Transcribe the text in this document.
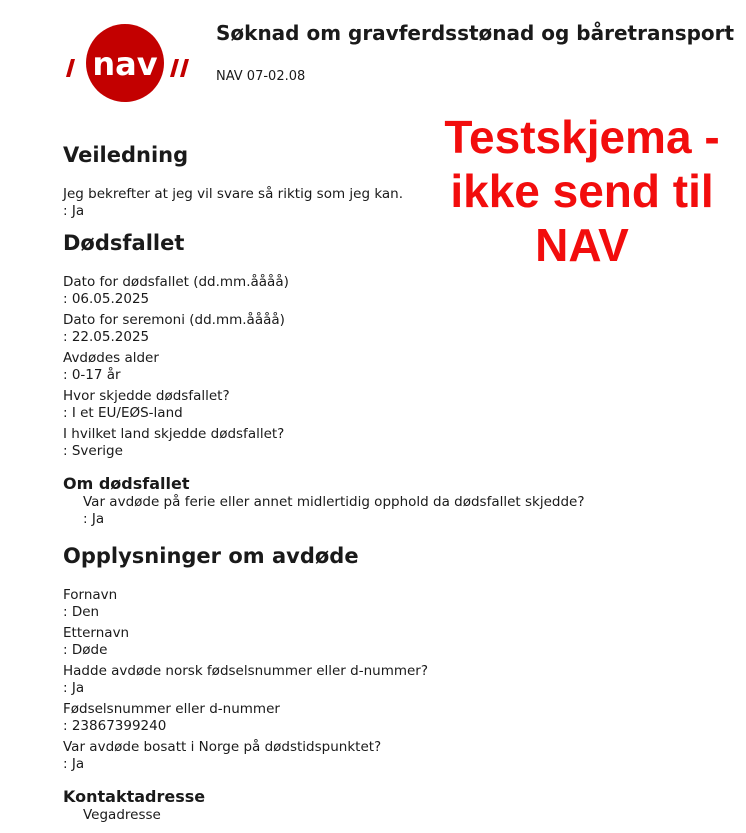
nav
Søknad om gravferdsstønad og båretransport
NAV 07-02.08
Veiledning
Jeg bekrefter at jeg vil svare så riktig som jeg kan.
: Ja
Dødsfallet
Dato for dødsfallet (dd.mm.åååå)
: 06.05.2025
Dato for seremoni (dd.mm.åååå)
: 22.05.2025
Avdødes alder
: 0-17 år
Hvor skjedde dødsfallet?
: I et EU/EØS-land
I hvilket land skjedde dødsfallet?
: Sverige
Om dødsfallet
Var avdøde på ferie eller annet midlertidig opphold da dødsfallet skjedde?
: Ja
Opplysninger om avdøde
Fornavn
: Den
Etternavn
: Døde
Hadde avdøde norsk fødselsnummer eller d-nummer?
: Ja
Fødselsnummer eller d-nummer
: 23867399240
Var avdøde bosatt i Norge på dødstidspunktet?
: Ja
Kontaktadresse
Vegadresse
Testskjema - ikke send til NAV
